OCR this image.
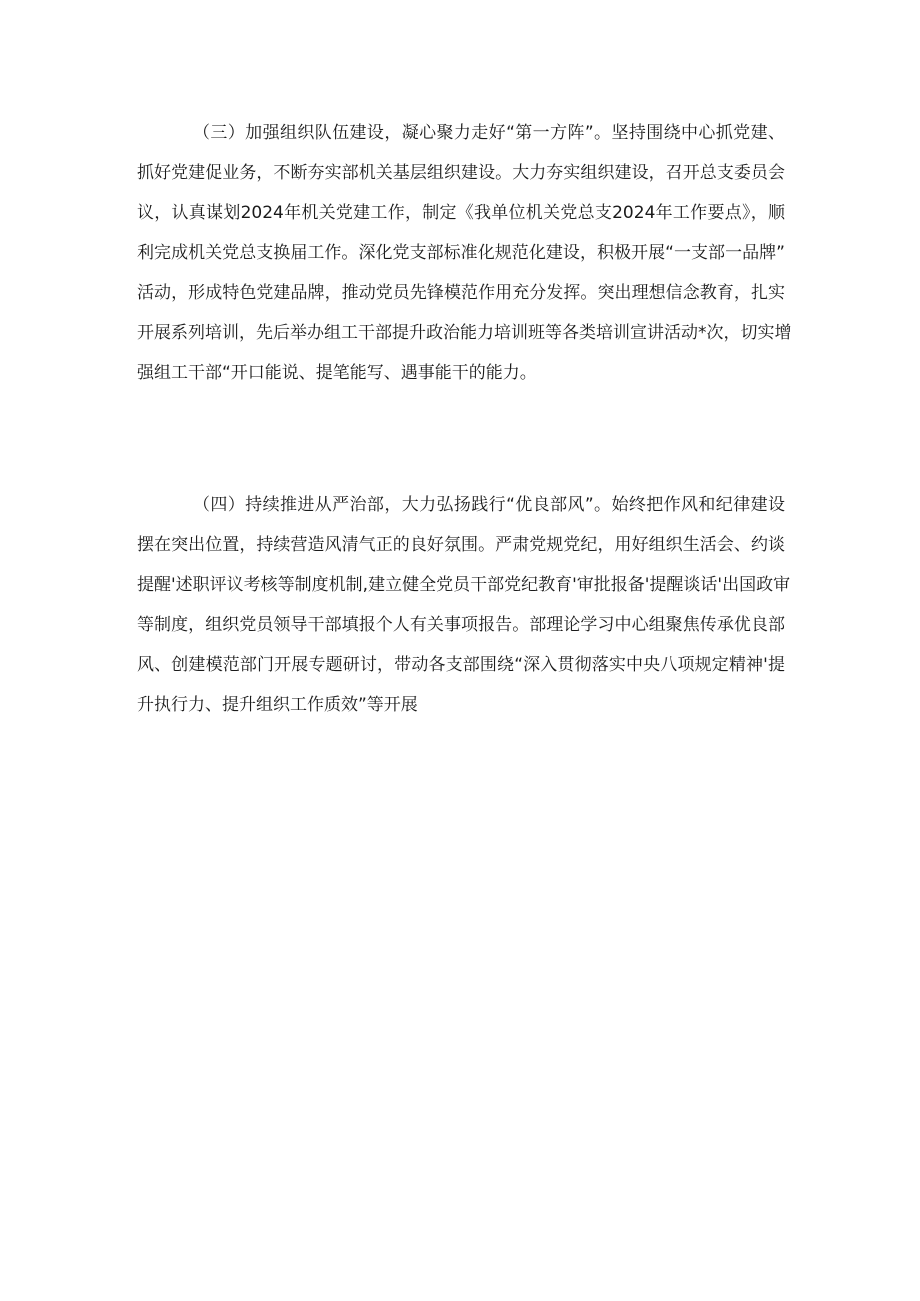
（三）加强组织队伍建设，凝心聚力走好“第一方阵”。坚持围绕中心抓党建、
抓好党建促业务，不断夯实部机关基层组织建设。大力夯实组织建设，召开总支委员会
议，认真谋划2024年机关党建工作，制定《我单位机关党总支2024年工作要点》，顺
利完成机关党总支换届工作。深化党支部标准化规范化建设，积极开展“一支部一品牌”
活动，形成特色党建品牌，推动党员先锋模范作用充分发挥。突出理想信念教育，扎实
开展系列培训，先后举办组工干部提升政治能力培训班等各类培训宣讲活动*次，切实增
强组工干部“开口能说、提笔能写、遇事能干的能力。

（四）持续推进从严治部，大力弘扬践行“优良部风”。始终把作风和纪律建设
摆在突出位置，持续营造风清气正的良好氛围。严肃党规党纪，用好组织生活会、约谈
提醒'述职评议考核等制度机制,建立健全党员干部党纪教育'审批报备'提醒谈话'出国政审
等制度，组织党员领导干部填报个人有关事项报告。部理论学习中心组聚焦传承优良部
风、创建模范部门开展专题研讨，带动各支部围绕“深入贯彻落实中央八项规定精神'提
升执行力、提升组织工作质效”等开展
